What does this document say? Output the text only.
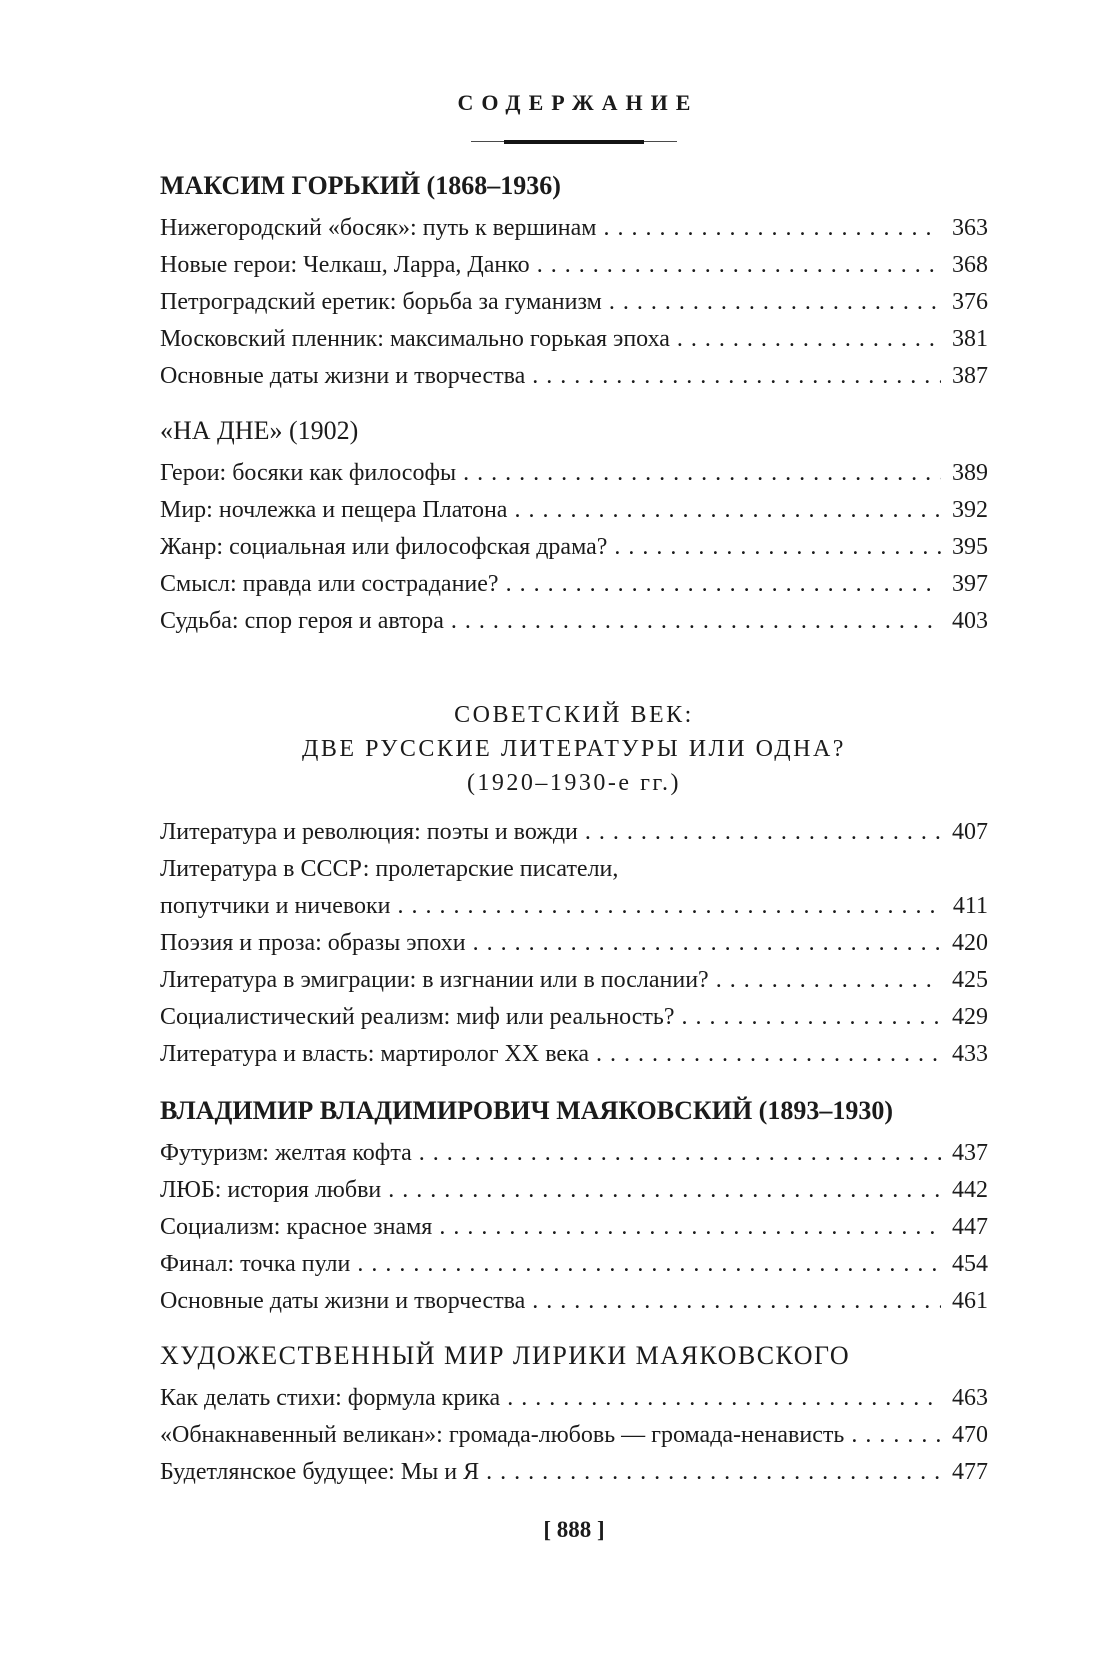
СОДЕРЖАНИЕ
МАКСИМ ГОРЬКИЙ (1868–1936)
Нижегородский «босяк»: путь к вершинам . . .	363
Новые герои: Челкаш, Ларра, Данко . . .	368
Петроградский еретик: борьба за гуманизм . . .	376
Московский пленник: максимально горькая эпоха . . .	381
Основные даты жизни и творчества . . .	387
«НА ДНЕ» (1902)
Герои: босяки как философы . . .	389
Мир: ночлежка и пещера Платона . . .	392
Жанр: социальная или философская драма? . . .	395
Смысл: правда или сострадание? . . .	397
Судьба: спор героя и автора . . .	403
СОВЕТСКИЙ ВЕК:
ДВЕ РУССКИЕ ЛИТЕРАТУРЫ ИЛИ ОДНА?
(1920–1930-е гг.)
Литература и революция: поэты и вожди . . .	407
Литература в СССР: пролетарские писатели,
попутчики и ничевоки . . .	411
Поэзия и проза: образы эпохи . . .	420
Литература в эмиграции: в изгнании или в послании? . . .	425
Социалистический реализм: миф или реальность? . . .	429
Литература и власть: мартиролог XX века . . .	433
ВЛАДИМИР ВЛАДИМИРОВИЧ МАЯКОВСКИЙ (1893–1930)
Футуризм: желтая кофта . . .	437
ЛЮБ: история любви . . .	442
Социализм: красное знамя . . .	447
Финал: точка пули . . .	454
Основные даты жизни и творчества . . .	461
ХУДОЖЕСТВЕННЫЙ МИР ЛИРИКИ МАЯКОВСКОГО
Как делать стихи: формула крика . . .	463
«Обнакнавенный великан»: громада-любовь — громада-ненависть . . .	470
Будетлянское будущее: Мы и Я . . .	477
[ 888 ]
